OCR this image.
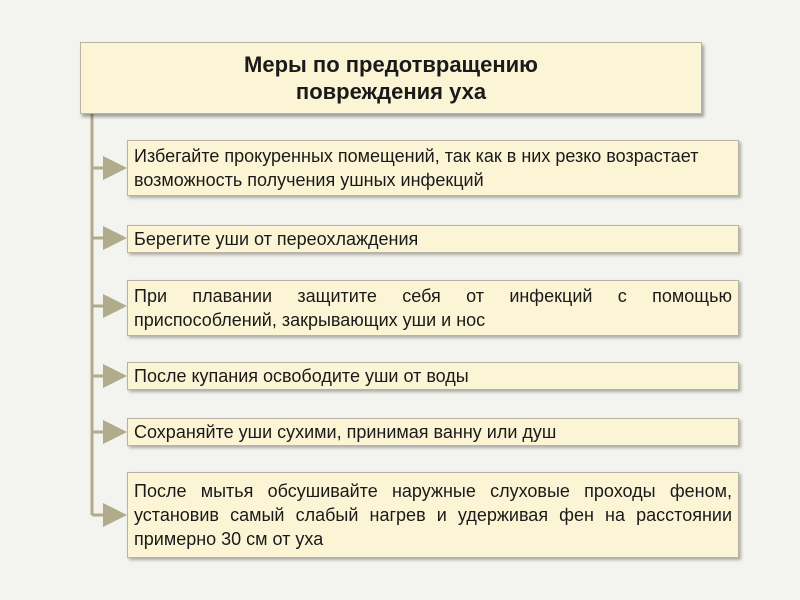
Меры по предотвращению
повреждения уха
Избегайте прокуренных помещений, так как в них резко возрастает возможность получения ушных инфекций
Берегите уши от переохлаждения
При плавании защитите себя от инфекций с помощью приспособлений, закрывающих уши и нос
После купания освободите уши от воды
Сохраняйте уши сухими, принимая ванну или душ
После мытья обсушивайте наружные слуховые проходы феном, установив самый слабый нагрев и удерживая фен на расстоянии примерно 30 см от уха
